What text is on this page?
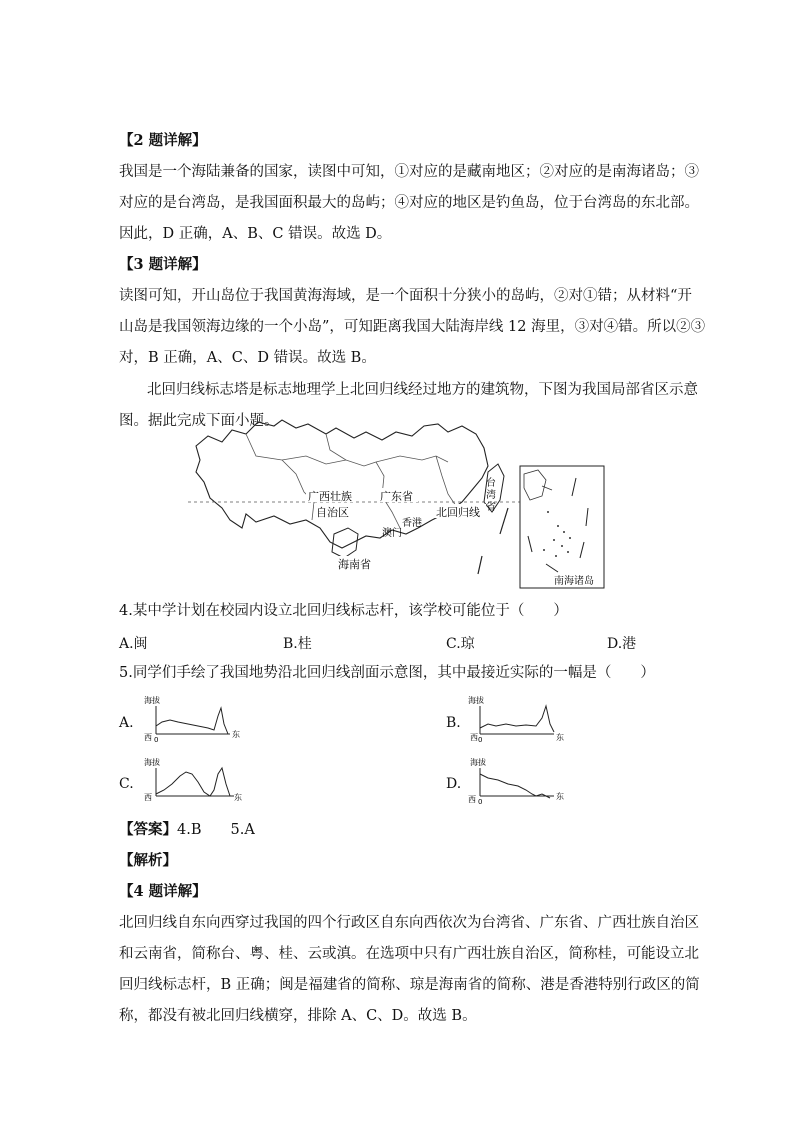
【2 题详解】
我国是一个海陆兼备的国家，读图中可知，①对应的是藏南地区；②对应的是南海诸岛；③
对应的是台湾岛，是我国面积最大的岛屿；④对应的地区是钓鱼岛，位于台湾岛的东北部。
因此，D 正确，A、B、C 错误。故选 D。
【3 题详解】
读图可知，开山岛位于我国黄海海域，是一个面积十分狭小的岛屿，②对①错；从材料“开
山岛是我国领海边缘的一个小岛”，可知距离我国大陆海岸线 12 海里，③对④错。所以②③
对，B 正确，A、C、D 错误。故选 B。
北回归线标志塔是标志地理学上北回归线经过地方的建筑物，下图为我国局部省区示意
图。据此完成下面小题。
广西壮族
自治区
广东省
香港
澳门
北回归线
台
湾
省
海南省
南海诸岛
4.某中学计划在校园内设立北回归线标志杆，该学校可能位于（　　）
A.闽	B.桂	C.琼	D.港
5.同学们手绘了我国地势沿北回归线剖面示意图，其中最接近实际的一幅是（　　）
A.
海拔
西 0
东
B.
海拔
西 0	东
C.
海拔
西	东
D.
海拔
西 0
东
【答案】4.B　　5.A
【解析】
【4 题详解】
北回归线自东向西穿过我国的四个行政区自东向西依次为台湾省、广东省、广西壮族自治区
和云南省，简称台、粤、桂、云或滇。在选项中只有广西壮族自治区，简称桂，可能设立北
回归线标志杆，B 正确；闽是福建省的简称、琼是海南省的简称、港是香港特别行政区的简
称，都没有被北回归线横穿，排除 A、C、D。故选 B。
